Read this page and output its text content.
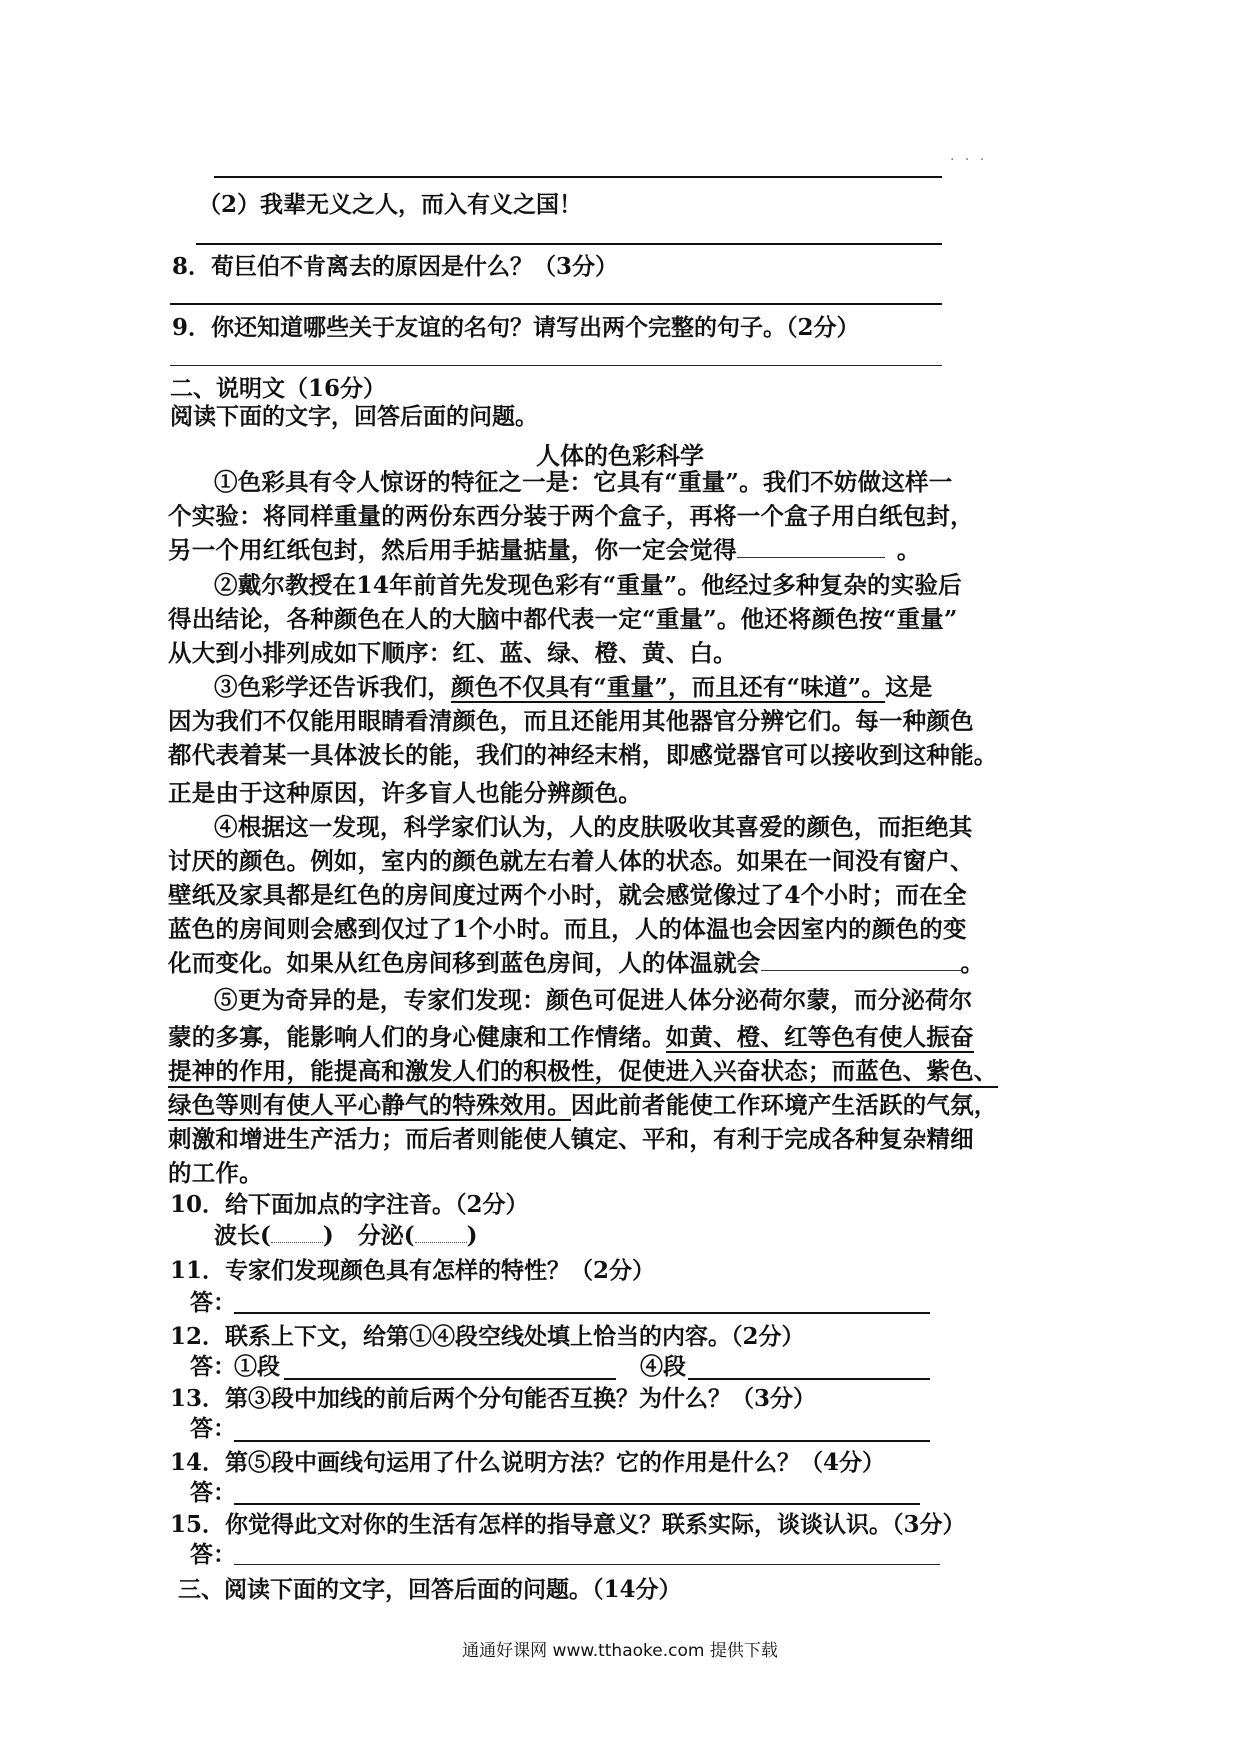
. . .
（2）我辈无义之人，而入有义之国！
8．荀巨伯不肯离去的原因是什么？（3分）
9．你还知道哪些关于友谊的名句？请写出两个完整的句子。（2分）
二、说明文（16分）
阅读下面的文字，回答后面的问题。
人体的色彩科学
①色彩具有令人惊讶的特征之一是：它具有“重量”。我们不妨做这样一
个实验：将同样重量的两份东西分装于两个盒子，再将一个盒子用白纸包封，
另一个用红纸包封，然后用手掂量掂量，你一定会觉得	。
②戴尔教授在14年前首先发现色彩有“重量”。他经过多种复杂的实验后
得出结论，各种颜色在人的大脑中都代表一定“重量”。他还将颜色按“重量”
从大到小排列成如下顺序：红、蓝、绿、橙、黄、白。
③色彩学还告诉我们，颜色不仅具有“重量”，而且还有“味道”。这是
因为我们不仅能用眼睛看清颜色，而且还能用其他器官分辨它们。每一种颜色
都代表着某一具体波长的能，我们的神经末梢，即感觉器官可以接收到这种能。
正是由于这种原因，许多盲人也能分辨颜色。
④根据这一发现，科学家们认为，人的皮肤吸收其喜爱的颜色，而拒绝其
讨厌的颜色。例如，室内的颜色就左右着人体的状态。如果在一间没有窗户、
壁纸及家具都是红色的房间度过两个小时，就会感觉像过了4个小时；而在全
蓝色的房间则会感到仅过了1个小时。而且，人的体温也会因室内的颜色的变
化而变化。如果从红色房间移到蓝色房间，人的体温就会	。
⑤更为奇异的是，专家们发现：颜色可促进人体分泌荷尔蒙，而分泌荷尔
蒙的多寡，能影响人们的身心健康和工作情绪。如黄、橙、红等色有使人振奋
提神的作用，能提高和激发人们的积极性，促使进入兴奋状态；而蓝色、紫色、
绿色等则有使人平心静气的特殊效用。因此前者能使工作环境产生活跃的气氛，
刺激和增进生产活力；而后者则能使人镇定、平和，有利于完成各种复杂精细
的工作。
10．给下面加点的字注音。（2分）
波长( ) 分泌( )
11．专家们发现颜色具有怎样的特性？（2分）
答：
12．联系上下文，给第①④段空线处填上恰当的内容。（2分）
答：
①段	④段
13．第③段中加线的前后两个分句能否互换？为什么？（3分）
答：
14．第⑤段中画线句运用了什么说明方法？它的作用是什么？（4分）
答：
15．你觉得此文对你的生活有怎样的指导意义？联系实际，谈谈认识。（3分）
答：
三、阅读下面的文字，回答后面的问题。（14分）
通通好课网 www.tthaoke.com 提供下载
